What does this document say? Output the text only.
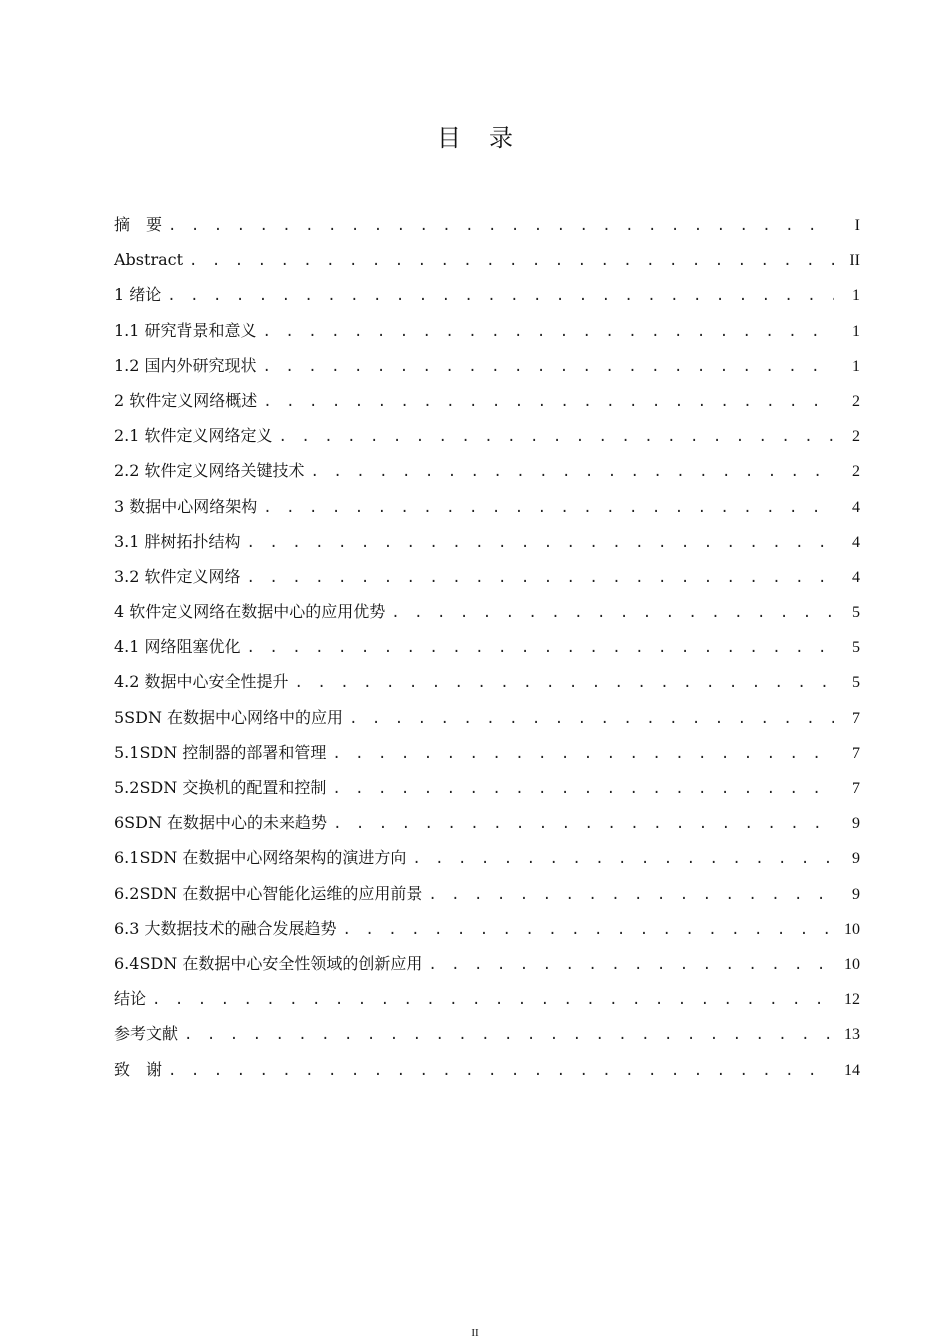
目录
摘　要 . . .	I
Abstract . . .	II
1 绪论 . . .	1
1.1 研究背景和意义 . . .	1
1.2 国内外研究现状 . . .	1
2 软件定义网络概述 . . .	2
2.1 软件定义网络定义 . . .	2
2.2 软件定义网络关键技术 . . .	2
3 数据中心网络架构 . . .	4
3.1 胖树拓扑结构 . . .	4
3.2 软件定义网络 . . .	4
4 软件定义网络在数据中心的应用优势 . . .	5
4.1 网络阻塞优化 . . .	5
4.2 数据中心安全性提升 . . .	5
5SDN 在数据中心网络中的应用 . . .	7
5.1SDN 控制器的部署和管理 . . .	7
5.2SDN 交换机的配置和控制 . . .	7
6SDN 在数据中心的未来趋势 . . .	9
6.1SDN 在数据中心网络架构的演进方向 . . .	9
6.2SDN 在数据中心智能化运维的应用前景 . . .	9
6.3 大数据技术的融合发展趋势 . . .	10
6.4SDN 在数据中心安全性领域的创新应用 . . .	10
结论 . . .	12
参考文献 . . .	13
致　谢 . . .	14
II
